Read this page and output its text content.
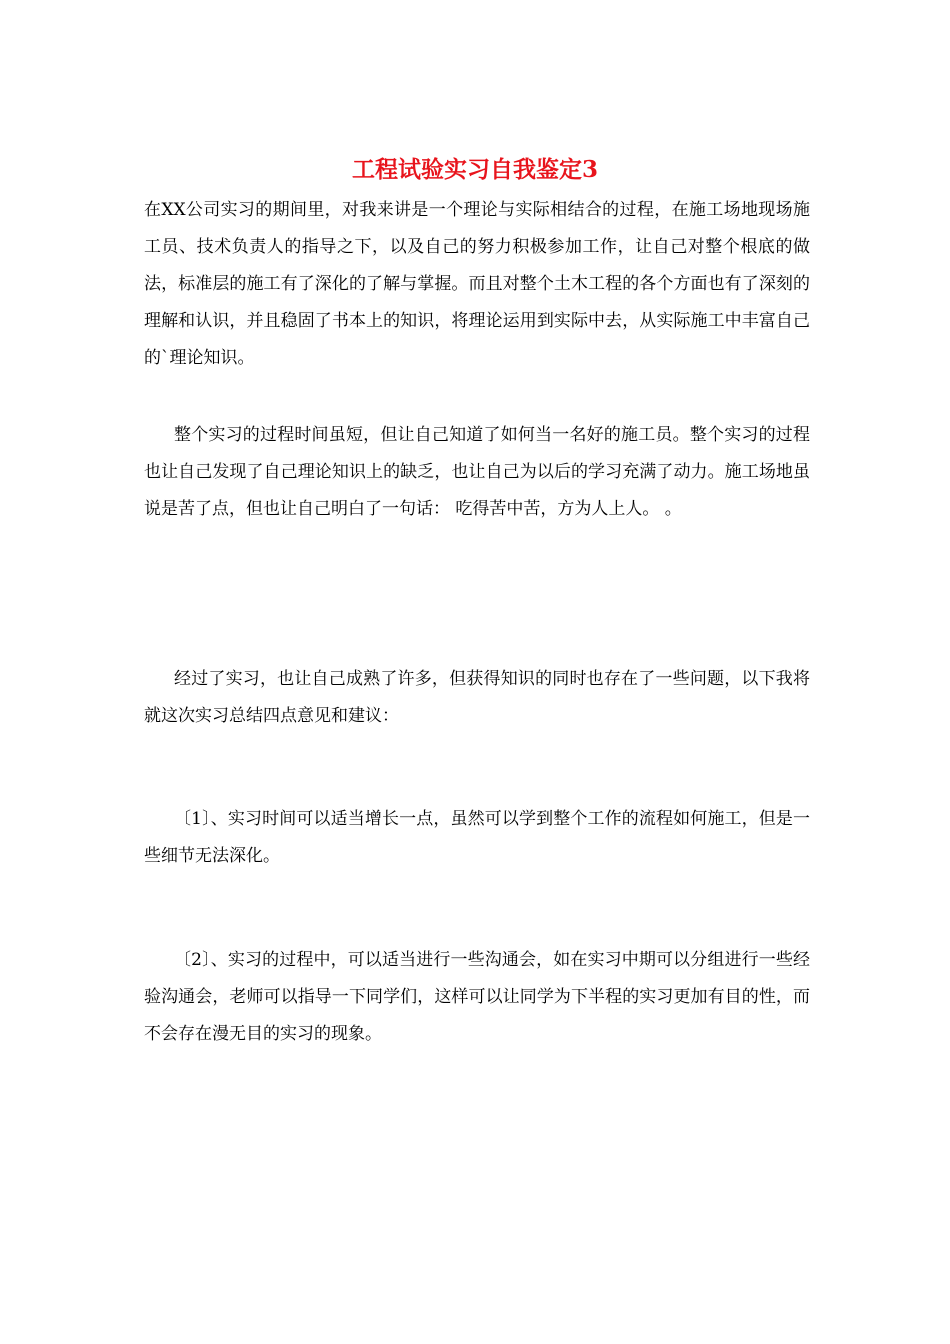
工程试验实习自我鉴定3

在XX公司实习的期间里，对我来讲是一个理论与实际相结合的过程，在施工场地现场施工员、技术负责人的指导之下，以及自己的努力积极参加工作，让自己对整个根底的做法，标准层的施工有了深化的了解与掌握。而且对整个土木工程的各个方面也有了深刻的理解和认识，并且稳固了书本上的知识，将理论运用到实际中去，从实际施工中丰富自己的`理论知识。

整个实习的过程时间虽短，但让自己知道了如何当一名好的施工员。整个实习的过程也让自己发现了自己理论知识上的缺乏，也让自己为以后的学习充满了动力。施工场地虽说是苦了点，但也让自己明白了一句话： 吃得苦中苦，方为人上人。 。

经过了实习，也让自己成熟了许多，但获得知识的同时也存在了一些问题，以下我将就这次实习总结四点意见和建议：

〔1〕、实习时间可以适当增长一点，虽然可以学到整个工作的流程如何施工，但是一些细节无法深化。

〔2〕、实习的过程中，可以适当进行一些沟通会，如在实习中期可以分组进行一些经验沟通会，老师可以指导一下同学们，这样可以让同学为下半程的实习更加有目的性，而不会存在漫无目的实习的现象。
